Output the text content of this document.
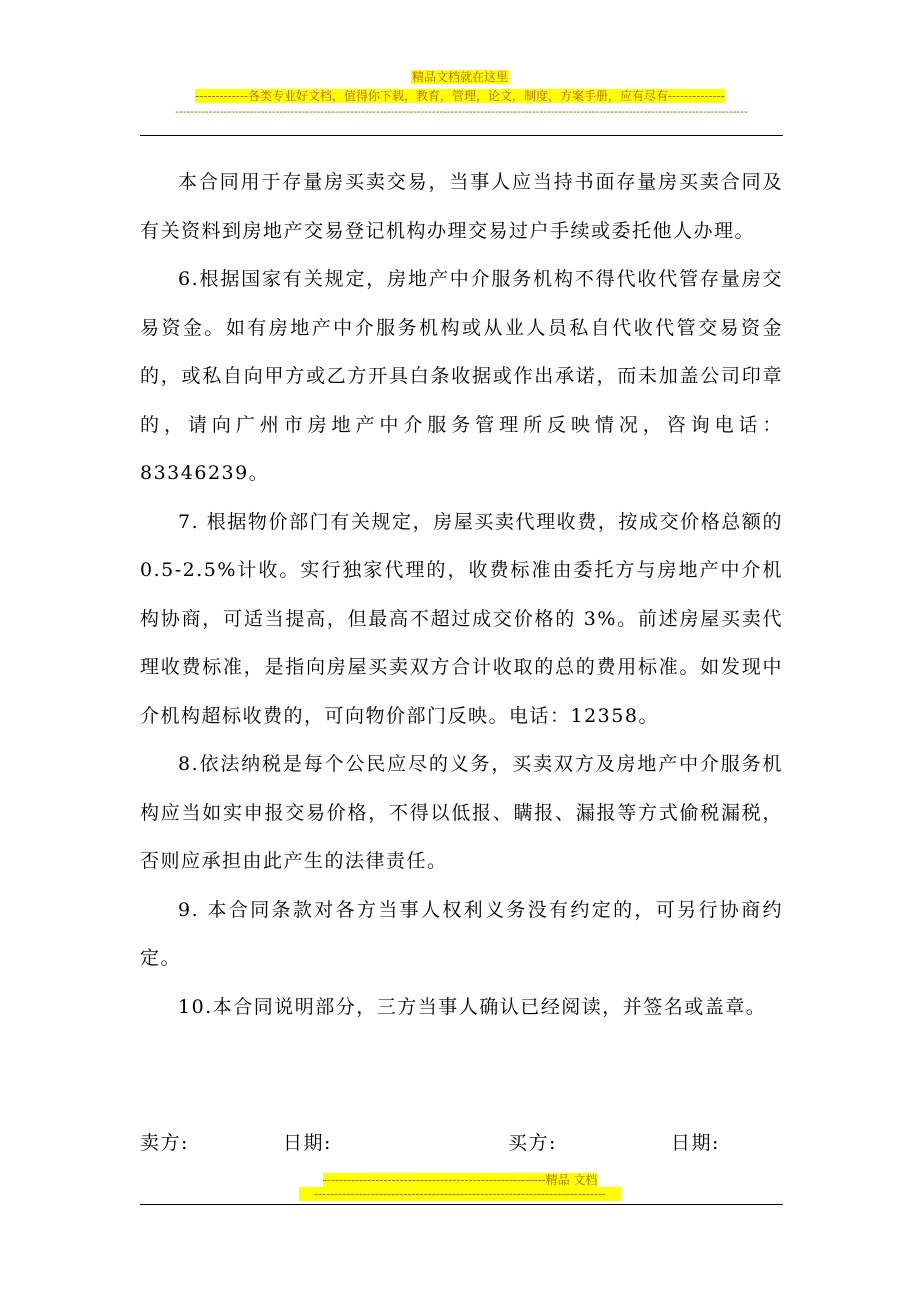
精品文档就在这里
-------------各类专业好文档，值得你下载，教育，管理，论文，制度，方案手册，应有尽有--------------
----------------------------------------------------------------------------------------------------------------------------------------------------------

本合同用于存量房买卖交易，当事人应当持书面存量房买卖合同及有关资料到房地产交易登记机构办理交易过户手续或委托他人办理。

6.根据国家有关规定，房地产中介服务机构不得代收代管存量房交易资金。如有房地产中介服务机构或从业人员私自代收代管交易资金的，或私自向甲方或乙方开具白条收据或作出承诺，而未加盖公司印章的，请向广州市房地产中介服务管理所反映情况，咨询电话：83346239。

7. 根据物价部门有关规定，房屋买卖代理收费，按成交价格总额的 0.5-2.5%计收。实行独家代理的，收费标准由委托方与房地产中介机构协商，可适当提高，但最高不超过成交价格的 3%。前述房屋买卖代理收费标准，是指向房屋买卖双方合计收取的总的费用标准。如发现中介机构超标收费的，可向物价部门反映。电话：12358。

8.依法纳税是每个公民应尽的义务，买卖双方及房地产中介服务机构应当如实申报交易价格，不得以低报、瞒报、漏报等方式偷税漏税，否则应承担由此产生的法律责任。

9. 本合同条款对各方当事人权利义务没有约定的，可另行协商约定。

10.本合同说明部分，三方当事人确认已经阅读，并签名或盖章。

卖方:	日期:	买方:	日期:
-------------------------------------------------------精品 文档
------------------------------------------------------------------------
